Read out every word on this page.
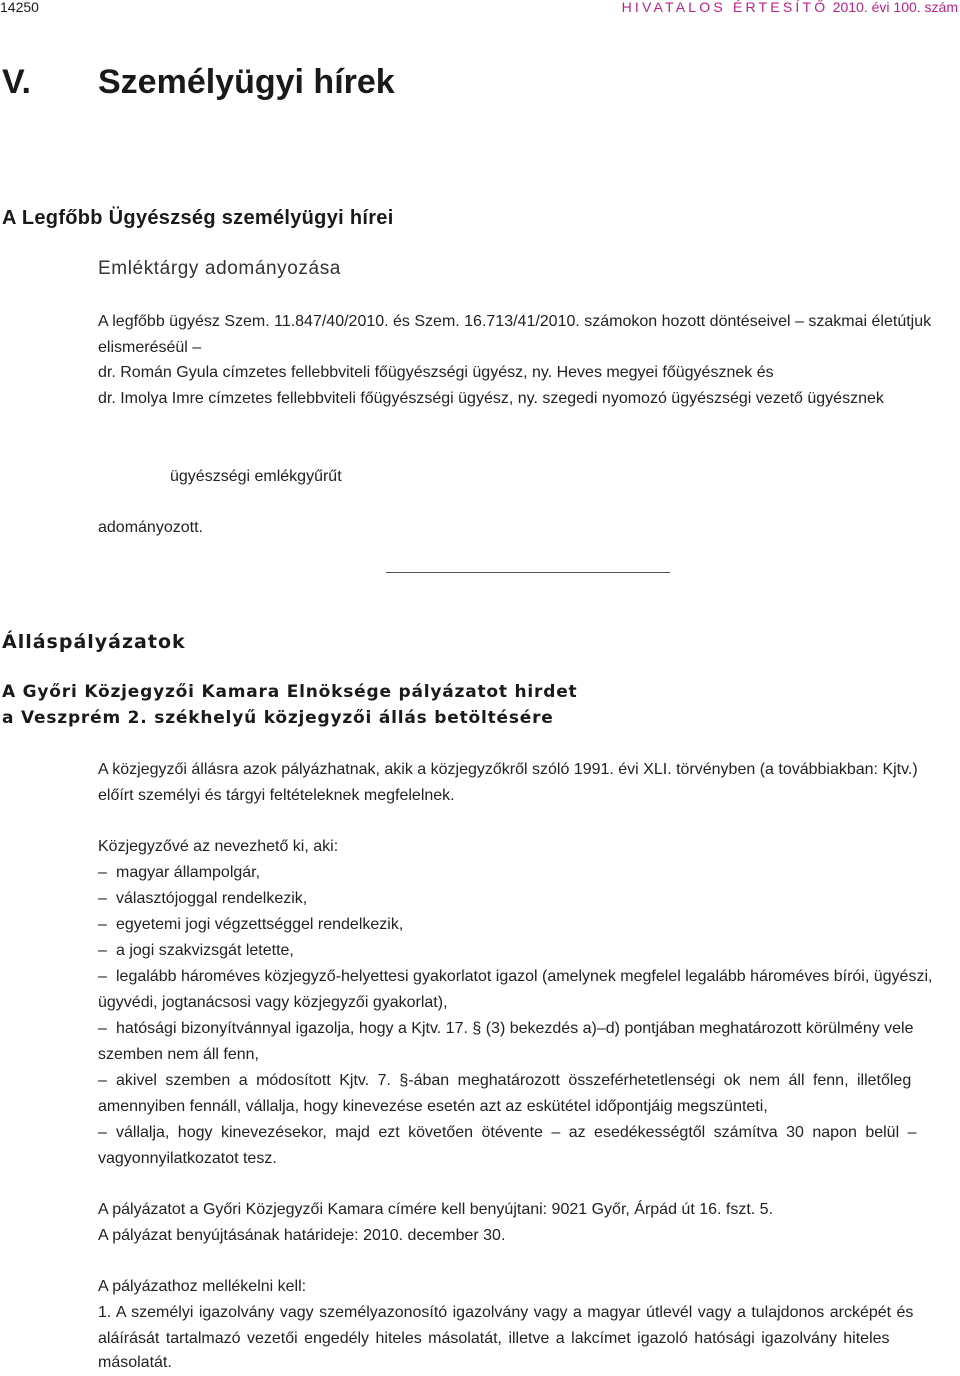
14250	HIVATALOS ÉRTESÍTŐ 2010. évi 100. szám
V. Személyügyi hírek
A Legfőbb Ügyészség személyügyi hírei
Emléktárgy adományozása
A legfőbb ügyész Szem. 11.847/40/2010. és Szem. 16.713/41/2010. számokon hozott döntéseivel – szakmai életútjuk
elismeréséül –
dr. Román Gyula címzetes fellebbviteli főügyészségi ügyész, ny. Heves megyei főügyésznek és
dr. Imolya Imre címzetes fellebbviteli főügyészségi ügyész, ny. szegedi nyomozó ügyészségi vezető ügyésznek
ügyészségi emlékgyűrűt
adományozott.
Álláspályázatok
A Győri Közjegyzői Kamara Elnöksége pályázatot hirdet
a Veszprém 2. székhelyű közjegyzői állás betöltésére
A közjegyzői állásra azok pályázhatnak, akik a közjegyzőkről szóló 1991. évi XLI. törvényben (a továbbiakban: Kjtv.)
előírt személyi és tárgyi feltételeknek megfelelnek.
Közjegyzővé az nevezhető ki, aki:
– magyar állampolgár,
– választójoggal rendelkezik,
– egyetemi jogi végzettséggel rendelkezik,
– a jogi szakvizsgát letette,
– legalább hároméves közjegyző-helyettesi gyakorlatot igazol (amelynek megfelel legalább hároméves bírói, ügyészi,
ügyvédi, jogtanácsosi vagy közjegyzői gyakorlat),
– hatósági bizonyítvánnyal igazolja, hogy a Kjtv. 17. § (3) bekezdés a)–d) pontjában meghatározott körülmény vele
szemben nem áll fenn,
– akivel szemben a módosított Kjtv. 7. §-ában meghatározott összeférhetetlenségi ok nem áll fenn, illetőleg
amennyiben fennáll, vállalja, hogy kinevezése esetén azt az eskütétel időpontjáig megszünteti,
– vállalja, hogy kinevezésekor, majd ezt követően ötévente – az esedékességtől számítva 30 napon belül –
vagyonnyilatkozatot tesz.
A pályázatot a Győri Közjegyzői Kamara címére kell benyújtani: 9021 Győr, Árpád út 16. fszt. 5.
A pályázat benyújtásának határideje: 2010. december 30.
A pályázathoz mellékelni kell:
1. A személyi igazolvány vagy személyazonosító igazolvány vagy a magyar útlevél vagy a tulajdonos arcképét és
aláírását tartalmazó vezetői engedély hiteles másolatát, illetve a lakcímet igazoló hatósági igazolvány hiteles
másolatát.
